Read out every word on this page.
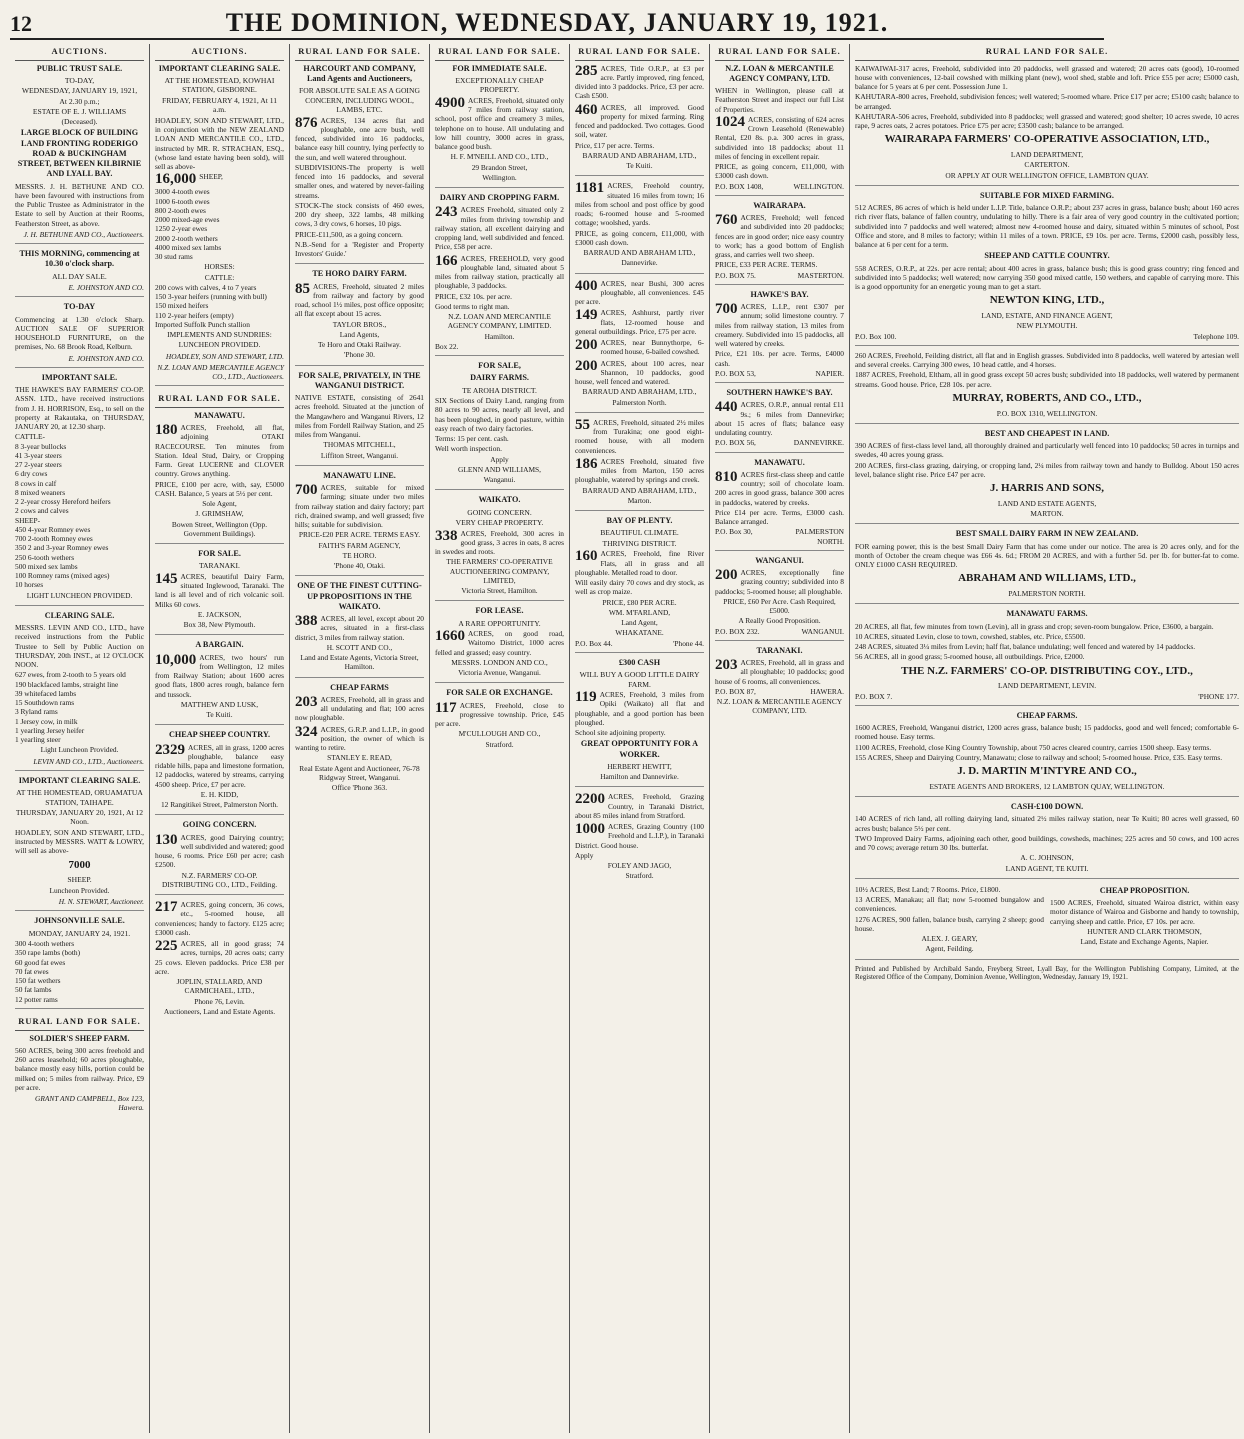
12	THE DOMINION, WEDNESDAY, JANUARY 19, 1921.
AUCTIONS.
PUBLIC TRUST SALE.
TO-DAY,
WEDNESDAY, JANUARY 19, 1921,
At 2.30 p.m.;
ESTATE OF E. J. WILLIAMS (Deceased).
LARGE BLOCK OF BUILDING LAND FRONTING RODERIGO ROAD & BUCKINGHAM STREET, BETWEEN KILBIRNIE AND LYALL BAY.
MESSRS. J. H. BETHUNE AND CO. have been favoured with instructions from the Public Trustee as Administrator in the Estate to sell by Auction at their Rooms, Featherston Street, as above.
J. H. BETHUNE AND CO., Auctioneers.
THIS MORNING, commencing at 10.30 o'clock sharp.
ALL DAY SALE.
E. JOHNSTON AND CO.
TO-DAY
Commencing at 1.30 o'clock Sharp. AUCTION SALE OF SUPERIOR HOUSEHOLD FURNITURE, on the premises, No. 68 Brook Road, Kelburn.
E. JOHNSTON AND CO.
IMPORTANT SALE.
THE HAWKE'S BAY FARMERS' CO-OP. ASSN. LTD., have received instructions from J. H. HORRISON, Esq., to sell on the property at Rakautaka, on THURSDAY, JANUARY 20, at 12.30 sharp.
CATTLE-
8 3-year bullocks
41 3-year steers
27 2-year steers
6 dry cows
8 cows in calf
8 mixed weaners
2 2-year crossy Hereford heifers
2 cows and calves
SHEEP-
450 4-year Romney ewes
700 2-tooth Romney ewes
350 2 and 3-year Romney ewes
250 6-tooth wethers
500 mixed sex lambs
100 Romney rams (mixed ages)
10 horses
LIGHT LUNCHEON PROVIDED.
CLEARING SALE.
MESSRS. LEVIN AND CO., LTD., have received instructions from the Public Trustee to Sell by Public Auction on THURSDAY, 20th INST., at 12 O'CLOCK NOON.
627 ewes, from 2-tooth to 5 years old
190 blackfaced lambs, straight line
39 whitefaced lambs
15 Southdown rams
3 Ryland rams
1 Jersey cow, in milk
1 yearling Jersey heifer
1 yearling steer
Light Luncheon Provided.
LEVIN AND CO., LTD., Auctioneers.
IMPORTANT CLEARING SALE.
AT THE HOMESTEAD, ORUAMATUA STATION, TAIHAPE.
THURSDAY, JANUARY 20, 1921, At 12 Noon.
HOADLEY, SON AND STEWART, LTD., instructed by MESSRS. WATT & LOWRY, will sell as above-
7000
SHEEP.
Luncheon Provided.
H. N. STEWART, Auctioneer.
JOHNSONVILLE SALE.
MONDAY, JANUARY 24, 1921.
300 4-tooth wethers
350 rape lambs (both)
60 good fat ewes
70 fat ewes
150 fat wethers
50 fat lambs
12 potter rams
RURAL LAND FOR SALE.
SOLDIER'S SHEEP FARM.
560 ACRES, being 300 acres freehold and 260 acres leasehold; 60 acres ploughable, balance mostly easy hills, portion could be milked on; 5 miles from railway. Price, £9 per acre.
GRANT AND CAMPBELL, Box 123, Hawera.
AUCTIONS.
IMPORTANT CLEARING SALE.
AT THE HOMESTEAD, KOWHAI STATION, GISBORNE.
FRIDAY, FEBRUARY 4, 1921, At 11 a.m.
HOADLEY, SON AND STEWART, LTD., in conjunction with the NEW ZEALAND LOAN AND MERCANTILE CO., LTD., instructed by MR. R. STRACHAN, ESQ., (whose land estate having been sold), will sell as above-
16,000 SHEEP,
3000 4-tooth ewes
1000 6-tooth ewes
800 2-tooth ewes
2000 mixed-age ewes
1250 2-year ewes
2000 2-tooth wethers
4000 mixed sex lambs
30 stud rams
HORSES:
CATTLE:
200 cows with calves, 4 to 7 years
150 3-year heifers (running with bull)
150 mixed heifers
110 2-year heifers (empty)
Imported Suffolk Punch stallion
IMPLEMENTS AND SUNDRIES:
LUNCHEON PROVIDED.
HOADLEY, SON AND STEWART, LTD.
N.Z. LOAN AND MERCANTILE AGENCY CO., LTD., Auctioneers.
RURAL LAND FOR SALE.
MANAWATU.
180 ACRES, Freehold, all flat, adjoining OTAKI RACECOURSE. Ten minutes from Station. Ideal Stud, Dairy, or Cropping Farm. Great LUCERNE and CLOVER country. Grows anything.
PRICE, £100 per acre, with, say, £5000 CASH. Balance, 5 years at 5½ per cent.
Sole Agent,
J. GRIMSHAW,
Bowen Street, Wellington (Opp. Government Buildings).
FOR SALE.
TARANAKI.
145 ACRES, beautiful Dairy Farm, situated Inglewood, Taranaki. The land is all level and of rich volcanic soil. Milks 60 cows.
E. JACKSON,
Box 38, New Plymouth.
A BARGAIN.
10,000 ACRES, two hours' run from Wellington, 12 miles from Railway Station; about 1600 acres good flats, 1800 acres rough, balance fern and tussock.
MATTHEW AND LUSK,
Te Kuiti.
CHEAP SHEEP COUNTRY.
2329 ACRES, all in grass, 1200 acres ploughable, balance easy ridable hills, papa and limestone formation, 12 paddocks, watered by streams, carrying 4500 sheep. Price, £7 per acre.
E. H. KIDD,
12 Rangitikei Street, Palmerston North.
GOING CONCERN.
130 ACRES, good Dairying country; well subdivided and watered; good house, 6 rooms. Price £60 per acre; cash £2500.
N.Z. FARMERS' CO-OP. DISTRIBUTING CO., LTD., Feilding.
217 ACRES, going concern, 36 cows, etc., 5-roomed house, all conveniences; handy to factory. £125 acre; £3000 cash.
225 ACRES, all in good grass; 74 acres, turnips, 20 acres oats; carry 25 cows. Eleven paddocks. Price £38 per acre.
JOPLIN, STALLARD, AND CARMICHAEL, LTD.,
Phone 76, Levin.
Auctioneers, Land and Estate Agents.
RURAL LAND FOR SALE.
HARCOURT AND COMPANY, Land Agents and Auctioneers,
FOR ABSOLUTE SALE AS A GOING CONCERN, INCLUDING WOOL, LAMBS, ETC.
876 ACRES, 134 acres flat and ploughable, one acre bush, well fenced, subdivided into 16 paddocks, balance easy hill country, lying perfectly to the sun, and well watered throughout.
SUBDIVISIONS-The property is well fenced into 16 paddocks, and several smaller ones, and watered by never-failing streams.
STOCK-The stock consists of 460 ewes, 200 dry sheep, 322 lambs, 48 milking cows, 3 dry cows, 6 horses, 10 pigs.
PRICE-£11,500, as a going concern.
N.B.-Send for a 'Register and Property Investors' Guide.'
TE HORO DAIRY FARM.
85 ACRES, Freehold, situated 2 miles from railway and factory by good road, school 1½ miles, post office opposite; all flat except about 15 acres.
TAYLOR BROS.,
Land Agents,
Te Horo and Otaki Railway.
'Phone 30.
FOR SALE, PRIVATELY, IN THE WANGANUI DISTRICT.
NATIVE ESTATE, consisting of 2641 acres freehold. Situated at the junction of the Mangawhero and Wanganui Rivers, 12 miles from Fordell Railway Station, and 25 miles from Wanganui.
THOMAS MITCHELL,
Liffiton Street, Wanganui.
MANAWATU LINE.
700 ACRES, suitable for mixed farming; situate under two miles from railway station and dairy factory; part rich, drained swamp, and well grassed; five hills; suitable for subdivision.
PRICE-£20 PER ACRE. TERMS EASY.
FAITH'S FARM AGENCY,
TE HORO.
'Phone 40, Otaki.
ONE OF THE FINEST CUTTING-UP PROPOSITIONS IN THE WAIKATO.
388 ACRES, all level, except about 20 acres, situated in a first-class district, 3 miles from railway station.
H. SCOTT AND CO.,
Land and Estate Agents, Victoria Street, Hamilton.
CHEAP FARMS
203 ACRES, Freehold, all in grass and all undulating and flat; 100 acres now ploughable.
324 ACRES, G.R.P. and L.I.P., in good position, the owner of which is wanting to retire.
STANLEY E. READ,
Real Estate Agent and Auctioneer, 76-78 Ridgway Street, Wanganui.
Office 'Phone 363.
RURAL LAND FOR SALE.
FOR IMMEDIATE SALE.
EXCEPTIONALLY CHEAP PROPERTY.
4900 ACRES, Freehold, situated only 7 miles from railway station, school, post office and creamery 3 miles, telephone on to house. All undulating and low hill country, 3000 acres in grass, balance good bush.
H. F. M'NEILL AND CO., LTD.,
29 Brandon Street,
Wellington.
DAIRY AND CROPPING FARM.
243 ACRES Freehold, situated only 2 miles from thriving township and railway station, all excellent dairying and cropping land, well subdivided and fenced. Price, £58 per acre.
166 ACRES, FREEHOLD, very good ploughable land, situated about 5 miles from railway station, practically all ploughable, 3 paddocks.
PRICE, £32 10s. per acre.
Good terms to right man.
N.Z. LOAN AND MERCANTILE AGENCY COMPANY, LIMITED.
Hamilton.
Box 22.
FOR SALE,
DAIRY FARMS.
TE AROHA DISTRICT.
SIX Sections of Dairy Land, ranging from 80 acres to 90 acres, nearly all level, and has been ploughed, in good pasture, within easy reach of two dairy factories.
Terms: 15 per cent. cash.
Well worth inspection.
Apply
GLENN AND WILLIAMS,
Wanganui.
WAIKATO.
GOING CONCERN.
VERY CHEAP PROPERTY.
338 ACRES, Freehold, 300 acres in good grass, 3 acres in oats, 8 acres in swedes and roots.
THE FARMERS' CO-OPERATIVE AUCTIONEERING COMPANY, LIMITED,
Victoria Street, Hamilton.
FOR LEASE.
A RARE OPPORTUNITY.
1660 ACRES, on good road, Waitomo District, 1000 acres felled and grassed; easy country.
MESSRS. LONDON AND CO.,
Victoria Avenue, Wanganui.
FOR SALE OR EXCHANGE.
117 ACRES, Freehold, close to progressive township. Price, £45 per acre.
M'CULLOUGH AND CO.,
Stratford.
RURAL LAND FOR SALE.
285 ACRES, Title O.R.P., at £3 per acre. Partly improved, ring fenced, divided into 3 paddocks. Price, £3 per acre. Cash £500.
460 ACRES, all improved. Good property for mixed farming. Ring fenced and paddocked. Two cottages. Good soil, water.
Price, £17 per acre. Terms.
BARRAUD AND ABRAHAM, LTD.,
Te Kuiti.
1181 ACRES, Freehold country, situated 16 miles from town; 16 miles from school and post office by good roads; 6-roomed house and 5-roomed cottage; woolshed, yards.
PRICE, as going concern, £11,000, with £3000 cash down.
BARRAUD AND ABRAHAM LTD.,
Dannevirke.
400 ACRES, near Bushi, 300 acres ploughable, all conveniences. £45 per acre.
149 ACRES, Ashhurst, partly river flats, 12-roomed house and general outbuildings. Price, £75 per acre.
200 ACRES, near Bunnythorpe, 6-roomed house, 6-bailed cowshed.
200 ACRES, about 100 acres, near Shannon, 10 paddocks, good house, well fenced and watered.
BARRAUD AND ABRAHAM, LTD.,
Palmerston North.
55 ACRES, Freehold, situated 2½ miles from Turakina; one good eight-roomed house, with all modern conveniences.
186 ACRES Freehold, situated five miles from Marton, 150 acres ploughable, watered by springs and creek.
BARRAUD AND ABRAHAM, LTD.,
Marton.
BAY OF PLENTY.
BEAUTIFUL CLIMATE.
THRIVING DISTRICT.
160 ACRES, Freehold, fine River Flats, all in grass and all ploughable. Metalled road to door.
Will easily dairy 70 cows and dry stock, as well as crop maize.
PRICE, £80 PER ACRE.
WM. M'FARLAND,
Land Agent,
WHAKATANE.
P.O. Box 44.	'Phone 44.
£300 CASH
WILL BUY A GOOD LITTLE DAIRY FARM.
119 ACRES, Freehold, 3 miles from Opiki (Waikato) all flat and ploughable, and a good portion has been ploughed.
School site adjoining property.
GREAT OPPORTUNITY FOR A WORKER.
HERBERT HEWITT,
Hamilton and Dannevirke.
2200 ACRES, Freehold, Grazing Country, in Taranaki District, about 85 miles inland from Stratford.
1000 ACRES, Grazing Country (100 Freehold and L.I.P.), in Taranaki District. Good house.
Apply
FOLEY AND JAGO,
Stratford.
RURAL LAND FOR SALE.
N.Z. LOAN & MERCANTILE AGENCY COMPANY, LTD.
WHEN in Wellington, please call at Featherston Street and inspect our full List of Properties.
1024 ACRES, consisting of 624 acres Crown Leasehold (Renewable) Rental, £20 8s. p.a. 300 acres in grass, subdivided into 18 paddocks; about 11 miles of fencing in excellent repair.
PRICE, as going concern, £11,000, with £3000 cash down.
P.O. BOX 1408,	WELLINGTON.
WAIRARAPA.
760 ACRES, Freehold; well fenced and subdivided into 20 paddocks; fences are in good order; nice easy country to work; has a good bottom of English grass, and carries well two sheep.
PRICE, £33 PER ACRE. TERMS.
P.O. BOX 75.	MASTERTON.
HAWKE'S BAY.
700 ACRES, L.I.P., rent £307 per annum; solid limestone country. 7 miles from railway station, 13 miles from creamery. Subdivided into 15 paddocks, all well watered by creeks.
Price, £21 10s. per acre. Terms, £4000 cash.
P.O. BOX 53,	NAPIER.
SOUTHERN HAWKE'S BAY.
440 ACRES, O.R.P., annual rental £11 9s.; 6 miles from Dannevirke; about 15 acres of flats; balance easy undulating country.
P.O. BOX 56,	DANNEVIRKE.
MANAWATU.
810 ACRES first-class sheep and cattle country; soil of chocolate loam. 200 acres in good grass, balance 300 acres in paddocks, watered by creeks.
Price £14 per acre. Terms, £3000 cash. Balance arranged.
P.O. Box 30,	PALMERSTON NORTH.
WANGANUI.
200 ACRES, exceptionally fine grazing country; subdivided into 8 paddocks; 5-roomed house; all ploughable.
PRICE, £60 Per Acre. Cash Required, £5000.
A Really Good Proposition.
P.O. BOX 232.	WANGANUI.
TARANAKI.
203 ACRES, Freehold, all in grass and all ploughable; 10 paddocks; good house of 6 rooms, all conveniences.
P.O. BOX 87,	HAWERA.
N.Z. LOAN & MERCANTILE AGENCY COMPANY, LTD.
RURAL LAND FOR SALE.
KAIWAIWAI-317 acres, Freehold, subdivided into 20 paddocks, well grassed and watered; 20 acres oats (good), 10-roomed house with conveniences, 12-bail cowshed with milking plant (new), wool shed, stable and loft. Price £55 per acre; £5000 cash, balance for 5 years at 6 per cent. Possession June 1.
KAHUTARA-800 acres, Freehold, subdivision fences; well watered; 5-roomed whare. Price £17 per acre; £5100 cash; balance to be arranged.
KAHUTARA-506 acres, Freehold, subdivided into 8 paddocks; well grassed and watered; good shelter; 10 acres swede, 10 acres rape, 9 acres oats, 2 acres potatoes. Price £75 per acre; £3500 cash; balance to be arranged.
WAIRARAPA FARMERS' CO-OPERATIVE ASSOCIATION, LTD.,
LAND DEPARTMENT,
CARTERTON.
OR APPLY AT OUR WELLINGTON OFFICE, LAMBTON QUAY.
SUITABLE FOR MIXED FARMING.
512 ACRES, 86 acres of which is held under L.I.P. Title, balance O.R.P.; about 237 acres in grass, balance bush; about 160 acres rich river flats, balance of fallen country, undulating to hilly. There is a fair area of very good country in the cultivated portion; subdivided into 7 paddocks and well watered; almost new 4-roomed house and dairy, situated within 5 minutes of school, Post Office and store, and 8 miles to factory; within 11 miles of a town. PRICE, £9 10s. per acre. Terms, £2000 cash, possibly less, balance at 6 per cent for a term.
SHEEP AND CATTLE COUNTRY.
558 ACRES, O.R.P., at 22s. per acre rental; about 400 acres in grass, balance bush; this is good grass country; ring fenced and subdivided into 5 paddocks; well watered; now carrying 350 good mixed cattle, 150 wethers, and capable of carrying more. This is a good opportunity for an energetic young man to get a start.
NEWTON KING, LTD.,
LAND, ESTATE, AND FINANCE AGENT,
NEW PLYMOUTH.
P.O. Box 100.	Telephone 109.
260 ACRES, Freehold, Feilding district, all flat and in English grasses. Subdivided into 8 paddocks, well watered by artesian well and several creeks. Carrying 300 ewes, 10 head cattle, and 4 horses.
1887 ACRES, Freehold, Eltham, all in good grass except 50 acres bush; subdivided into 18 paddocks, well watered by permanent streams. Good house. Price, £28 10s. per acre.
MURRAY, ROBERTS, AND CO., LTD.,
P.O. BOX 1310, WELLINGTON.
BEST AND CHEAPEST IN LAND.
390 ACRES of first-class level land, all thoroughly drained and particularly well fenced into 10 paddocks; 50 acres in turnips and swedes, 40 acres young grass.
200 ACRES, first-class grazing, dairying, or cropping land, 2¼ miles from railway town and handy to Bulldog. About 150 acres level, balance slight rise. Price £47 per acre.
J. HARRIS AND SONS,
LAND AND ESTATE AGENTS,
MARTON.
BEST SMALL DAIRY FARM IN NEW ZEALAND.
FOR earning power, this is the best Small Dairy Farm that has come under our notice. The area is 20 acres only, and for the month of October the cream cheque was £66 4s. 6d.; FROM 20 ACRES, and with a further 5d. per lb. for butter-fat to come. ONLY £1000 CASH REQUIRED.
ABRAHAM AND WILLIAMS, LTD.,
PALMERSTON NORTH.
MANAWATU FARMS.
20 ACRES, all flat, few minutes from town (Levin), all in grass and crop; seven-room bungalow. Price, £3600, a bargain.
10 ACRES, situated Levin, close to town, cowshed, stables, etc. Price, £5500.
248 ACRES, situated 3¼ miles from Levin; half flat, balance undulating; well fenced and watered by 14 paddocks.
56 ACRES, all in good grass; 5-roomed house, all outbuildings. Price, £2000.
THE N.Z. FARMERS' CO-OP. DISTRIBUTING COY., LTD.,
LAND DEPARTMENT, LEVIN.
P.O. BOX 7.	'PHONE 177.
CHEAP FARMS.
1600 ACRES, Freehold, Wanganui district, 1200 acres grass, balance bush; 15 paddocks, good and well fenced; comfortable 6-roomed house. Easy terms.
1100 ACRES, Freehold, close King Country Township, about 750 acres cleared country, carries 1500 sheep. Easy terms.
155 ACRES, Sheep and Dairying Country, Manawatu; close to railway and school; 5-roomed house. Price, £35. Easy terms.
J. D. MARTIN M'INTYRE AND CO.,
ESTATE AGENTS AND BROKERS, 12 LAMBTON QUAY, WELLINGTON.
CASH-£100 DOWN.
140 ACRES of rich land, all rolling dairying land, situated 2½ miles railway station, near Te Kuiti; 80 acres well grassed, 60 acres bush; balance 5½ per cent.
TWO Improved Dairy Farms, adjoining each other, good buildings, cowsheds, machines; 225 acres and 50 cows, and 100 acres and 70 cows; average return 30 lbs. butterfat.
A. C. JOHNSON,
LAND AGENT, TE KUITI.
10½ ACRES, Best Land; 7 Rooms. Price, £1800.
13 ACRES, Manakau; all flat; now 5-roomed bungalow and conveniences.
1276 ACRES, 900 fallen, balance bush, carrying 2 sheep; good house.
ALEX. J. GEARY,
Agent, Feilding.
CHEAP PROPOSITION.
1500 ACRES, Freehold, situated Wairoa district, within easy motor distance of Wairoa and Gisborne and handy to township, carrying sheep and cattle. Price, £7 10s. per acre.
HUNTER AND CLARK THOMSON,
Land, Estate and Exchange Agents, Napier.
Printed and Published by Archibald Sando, Freyberg Street, Lyall Bay, for the Wellington Publishing Company, Limited, at the Registered Office of the Company, Dominion Avenue, Wellington, Wednesday, January 19, 1921.
